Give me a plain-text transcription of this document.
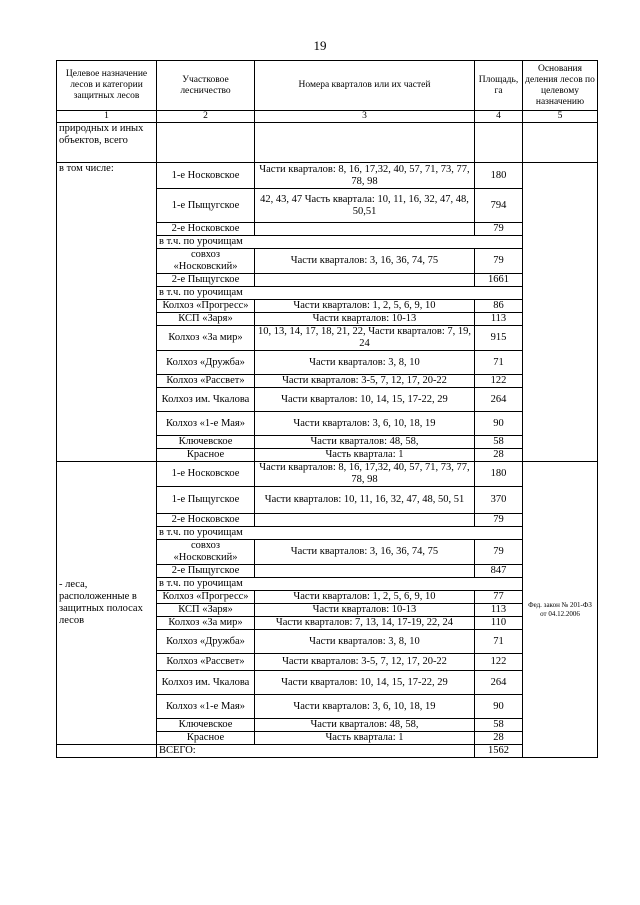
19
Целевое назначение лесов и категории защитных лесов	Участковое лесничество	Номера кварталов или их частей	Площадь, га	Основания деления лесов по целевому назначению
1	2	3	4	5
природных и иных объектов, всего				
в том числе:	1-е Носковское	Части кварталов: 8, 16, 17,32, 40, 57, 71, 73, 77, 78, 98	180	
	1-е Пыщугское	42, 43, 47 Часть квартала: 10, 11, 16, 32, 47, 48, 50,51	794	
	2-е Носковское		79	
	в т.ч. по урочищам			
	совхоз «Носковский»	Части кварталов: 3, 16, 36, 74, 75	79	
	2-е Пыщугское		1661	
	в т.ч. по урочищам			
	Колхоз «Прогресс»	Части кварталов: 1, 2, 5, 6, 9, 10	86	
	КСП «Заря»	Части кварталов: 10-13	113	
	Колхоз «За мир»	10, 13, 14, 17, 18, 21, 22, Части кварталов: 7, 19, 24	915	
	Колхоз «Дружба»	Части кварталов: 3, 8, 10	71	
	Колхоз «Рассвет»	Части кварталов: 3-5, 7, 12, 17, 20-22	122	
	Колхоз им. Чкалова	Части кварталов: 10, 14, 15, 17-22, 29	264	
	Колхоз «1-е Мая»	Части кварталов: 3, 6, 10, 18, 19	90	
	Ключевское	Части кварталов: 48, 58,	58	
	Красное	Часть квартала: 1	28	
- леса, расположенные в защитных полосах лесов	1-е Носковское	Части кварталов: 8, 16, 17,32, 40, 57, 71, 73, 77, 78, 98	180	Фед. закон № 201-ФЗ от 04.12.2006
	1-е Пыщугское	Части кварталов: 10, 11, 16, 32, 47, 48, 50, 51	370	
	2-е Носковское		79	
	в т.ч. по урочищам			
	совхоз «Носковский»	Части кварталов: 3, 16, 36, 74, 75	79	
	2-е Пыщугское		847	
	в т.ч. по урочищам			
	Колхоз «Прогресс»	Части кварталов: 1, 2, 5, 6, 9, 10	77	
	КСП «Заря»	Части кварталов: 10-13	113	
	Колхоз «За мир»	Части кварталов: 7, 13, 14, 17-19, 22, 24	110	
	Колхоз «Дружба»	Части кварталов: 3, 8, 10	71	
	Колхоз «Рассвет»	Части кварталов: 3-5, 7, 12, 17, 20-22	122	
	Колхоз им. Чкалова	Части кварталов: 10, 14, 15, 17-22, 29	264	
	Колхоз «1-е Мая»	Части кварталов: 3, 6, 10, 18, 19	90	
	Ключевское	Части кварталов: 48, 58,	58	
	Красное	Часть квартала: 1	28	
	ВСЕГО:		1562	
